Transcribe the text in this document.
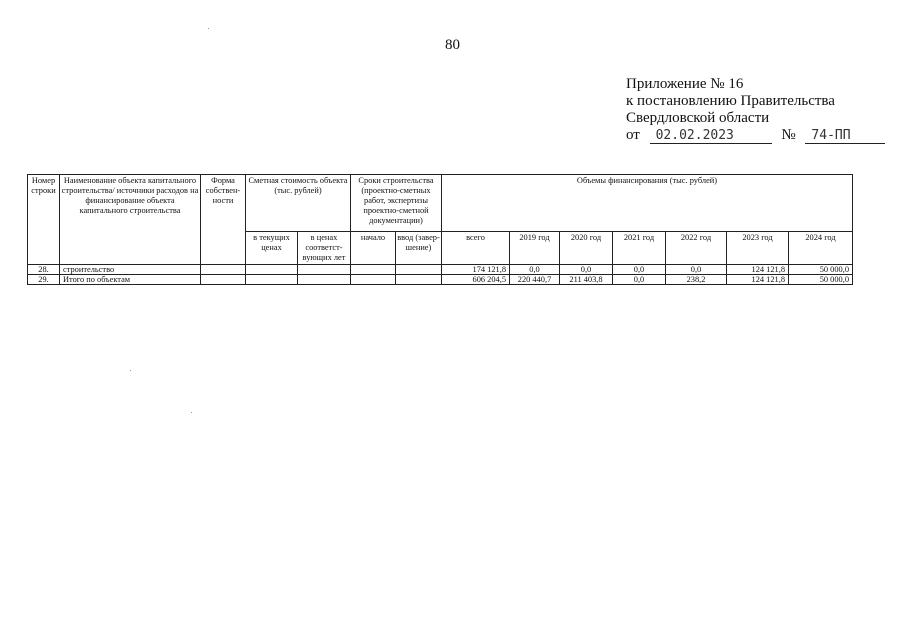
80
Приложение № 16
к постановлению Правительства
Свердловской области
от 02.02.2023	№ 74-ПП
Номер строки	Наименование объекта капитального строительства/ источники расходов на финансирование объекта капитального строительства	Форма собствен-ности	Сметная стоимость объекта (тыс. рублей)		Сроки строительства (проектно-сметных работ, экспертизы проектно-сметной документации)		Объемы финансирования (тыс. рублей)						
			в текущих ценах	в ценах соответст-вующих лет	начало	ввод (завер-шение)	всего	2019 год	2020 год	2021 год	2022 год	2023 год	2024 год
28.	строительство						174 121,8	0,0	0,0	0,0	0,0	124 121,8	50 000,0
29.	Итого по объектам						606 204,5	220 440,7	211 403,8	0,0	238,2	124 121,8	50 000,0
